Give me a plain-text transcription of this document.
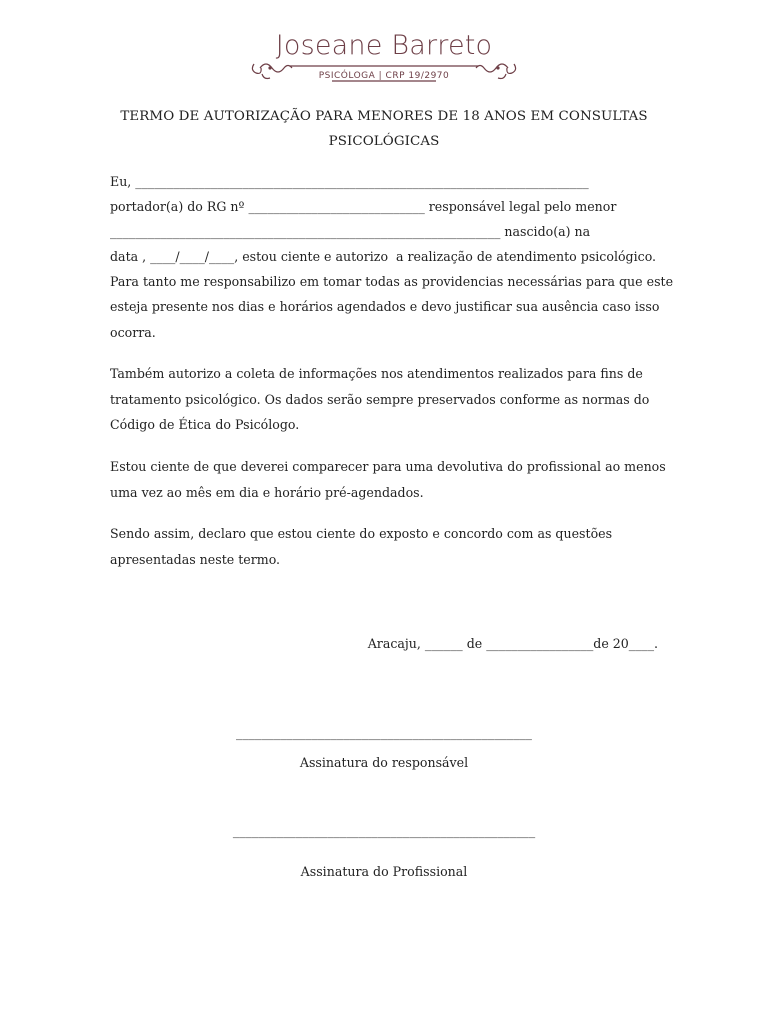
Joseane Barreto
PSICÓLOGA | CRP 19/2970
TERMO DE AUTORIZAÇÃO PARA MENORES DE 18 ANOS EM CONSULTAS
PSICOLÓGICAS
Eu, ________________________________________________________________________
portador(a) do RG nº ____________________________ responsável legal pelo menor
______________________________________________________________ nascido(a) na
data , ____/____/____, estou ciente e autorizo  a realização de atendimento psicológico.
Para tanto me responsabilizo em tomar todas as providencias necessárias para que este
esteja presente nos dias e horários agendados e devo justificar sua ausência caso isso
ocorra.
Também autorizo a coleta de informações nos atendimentos realizados para fins de
tratamento psicológico. Os dados serão sempre preservados conforme as normas do
Código de Ética do Psicólogo.
Estou ciente de que deverei comparecer para uma devolutiva do profissional ao menos
uma vez ao mês em dia e horário pré-agendados.
Sendo assim, declaro que estou ciente do exposto e concordo com as questões
apresentadas neste termo.
Aracaju, ______ de _________________de 20____.
_______________________________________________
Assinatura do responsável
________________________________________________
Assinatura do Profissional
